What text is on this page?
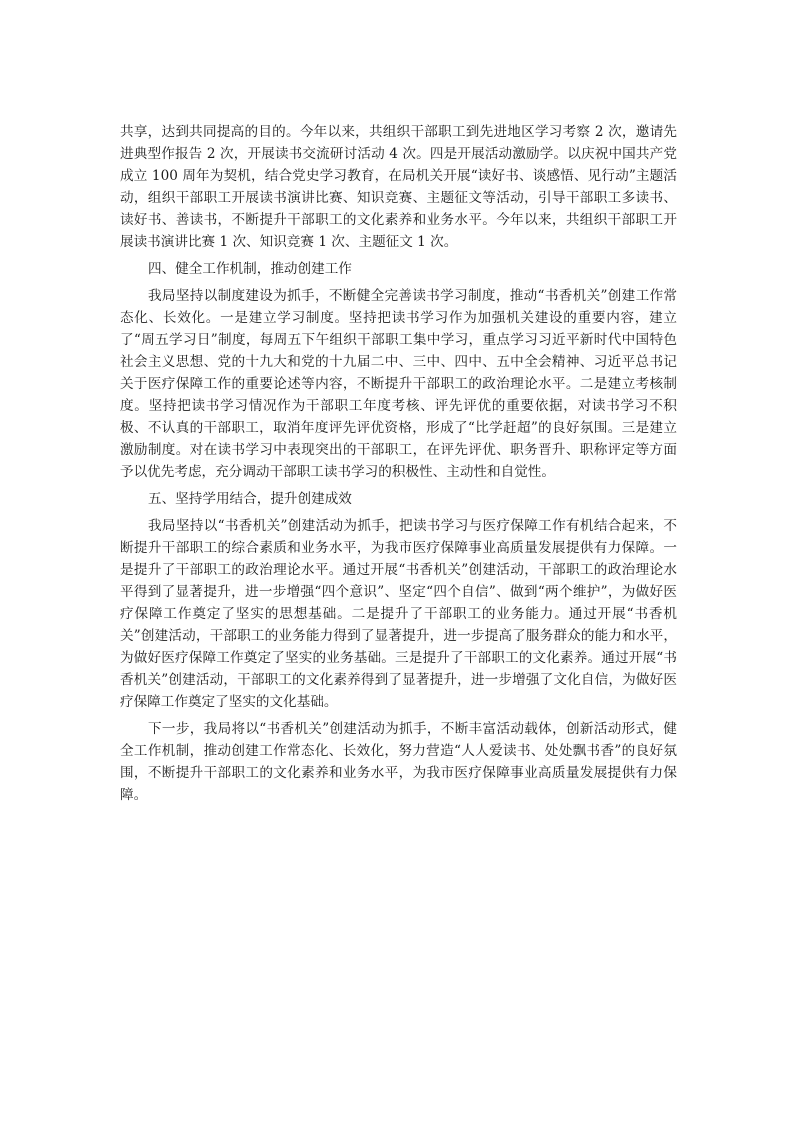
共享，达到共同提高的目的。今年以来，共组织干部职工到先进地区学习考察 2 次，邀请先进典型作报告 2 次，开展读书交流研讨活动 4 次。四是开展活动激励学。以庆祝中国共产党成立 100 周年为契机，结合党史学习教育，在局机关开展“读好书、谈感悟、见行动”主题活动，组织干部职工开展读书演讲比赛、知识竞赛、主题征文等活动，引导干部职工多读书、读好书、善读书，不断提升干部职工的文化素养和业务水平。今年以来，共组织干部职工开展读书演讲比赛 1 次、知识竞赛 1 次、主题征文 1 次。

四、健全工作机制，推动创建工作

我局坚持以制度建设为抓手，不断健全完善读书学习制度，推动“书香机关”创建工作常态化、长效化。一是建立学习制度。坚持把读书学习作为加强机关建设的重要内容，建立了“周五学习日”制度，每周五下午组织干部职工集中学习，重点学习习近平新时代中国特色社会主义思想、党的十九大和党的十九届二中、三中、四中、五中全会精神、习近平总书记关于医疗保障工作的重要论述等内容，不断提升干部职工的政治理论水平。二是建立考核制度。坚持把读书学习情况作为干部职工年度考核、评先评优的重要依据，对读书学习不积极、不认真的干部职工，取消年度评先评优资格，形成了“比学赶超”的良好氛围。三是建立激励制度。对在读书学习中表现突出的干部职工，在评先评优、职务晋升、职称评定等方面予以优先考虑，充分调动干部职工读书学习的积极性、主动性和自觉性。

五、坚持学用结合，提升创建成效

我局坚持以“书香机关”创建活动为抓手，把读书学习与医疗保障工作有机结合起来，不断提升干部职工的综合素质和业务水平，为我市医疗保障事业高质量发展提供有力保障。一是提升了干部职工的政治理论水平。通过开展“书香机关”创建活动，干部职工的政治理论水平得到了显著提升，进一步增强“四个意识”、坚定“四个自信”、做到“两个维护”，为做好医疗保障工作奠定了坚实的思想基础。二是提升了干部职工的业务能力。通过开展“书香机关”创建活动，干部职工的业务能力得到了显著提升，进一步提高了服务群众的能力和水平，为做好医疗保障工作奠定了坚实的业务基础。三是提升了干部职工的文化素养。通过开展“书香机关”创建活动，干部职工的文化素养得到了显著提升，进一步增强了文化自信，为做好医疗保障工作奠定了坚实的文化基础。

下一步，我局将以“书香机关”创建活动为抓手，不断丰富活动载体，创新活动形式，健全工作机制，推动创建工作常态化、长效化，努力营造“人人爱读书、处处飘书香”的良好氛围，不断提升干部职工的文化素养和业务水平，为我市医疗保障事业高质量发展提供有力保障。
